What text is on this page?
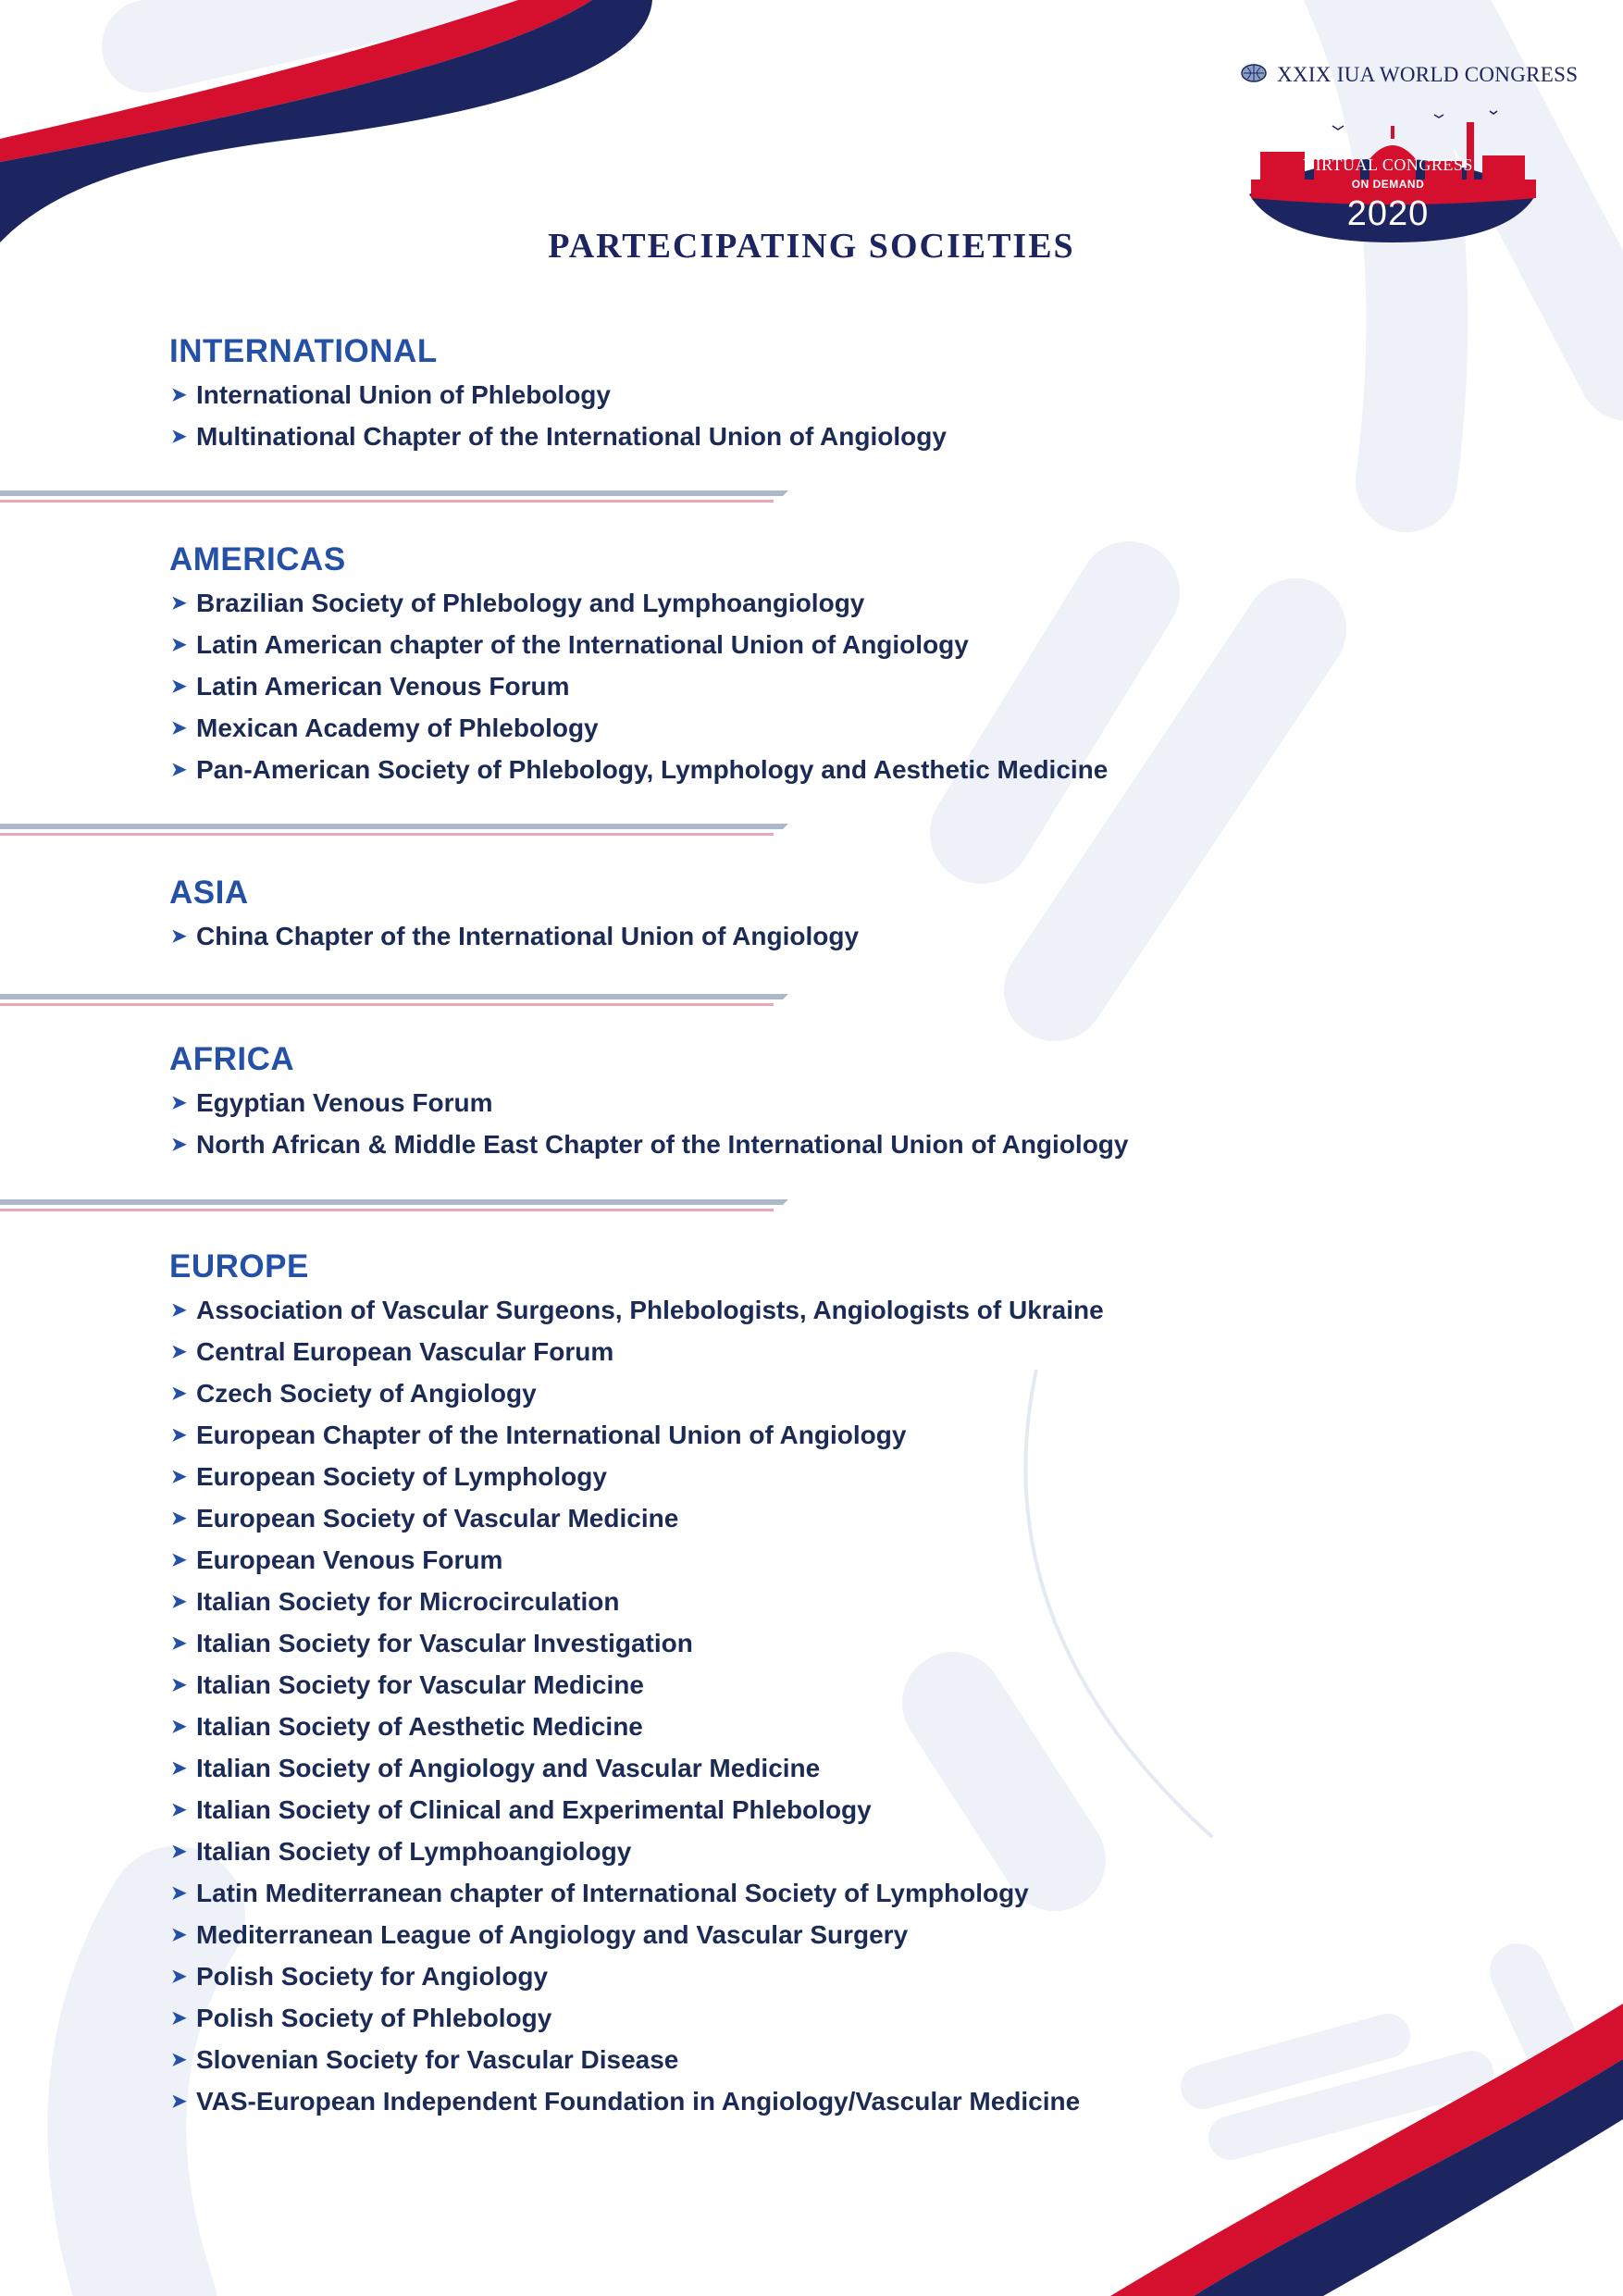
XXIX IUA WORLD CONGRESS
VIRTUAL CONGRESS
ON DEMAND
2020
PARTECIPATING SOCIETIES
INTERNATIONAL
➤ International Union of Phlebology
➤ Multinational Chapter of the International Union of Angiology
AMERICAS
➤ Brazilian Society of Phlebology and Lymphoangiology
➤ Latin American chapter of the International Union of Angiology
➤ Latin American Venous Forum
➤ Mexican Academy of Phlebology
➤ Pan-American Society of Phlebology, Lymphology and Aesthetic Medicine
ASIA
➤ China Chapter of the International Union of Angiology
AFRICA
➤ Egyptian Venous Forum
➤ North African & Middle East Chapter of the International Union of Angiology
EUROPE
➤ Association of Vascular Surgeons, Phlebologists, Angiologists of Ukraine
➤ Central European Vascular Forum
➤ Czech Society of Angiology
➤ European Chapter of the International Union of Angiology
➤ European Society of Lymphology
➤ European Society of Vascular Medicine
➤ European Venous Forum
➤ Italian Society for Microcirculation
➤ Italian Society for Vascular Investigation
➤ Italian Society for Vascular Medicine
➤ Italian Society of Aesthetic Medicine
➤ Italian Society of Angiology and Vascular Medicine
➤ Italian Society of Clinical and Experimental Phlebology
➤ Italian Society of Lymphoangiology
➤ Latin Mediterranean chapter of International Society of Lymphology
➤ Mediterranean League of Angiology and Vascular Surgery
➤ Polish Society for Angiology
➤ Polish Society of Phlebology
➤ Slovenian Society for Vascular Disease
➤ VAS-European Independent Foundation in Angiology/Vascular Medicine
